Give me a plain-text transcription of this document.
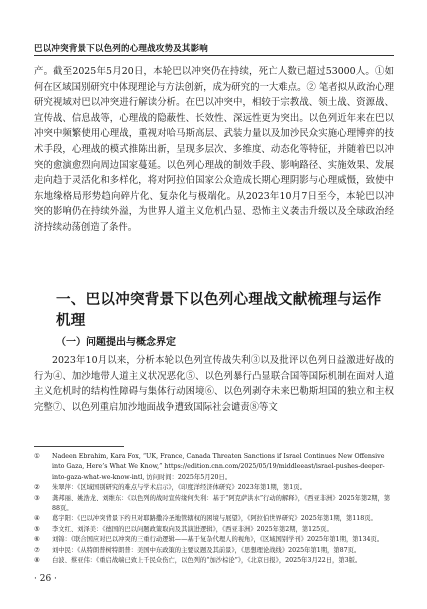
巴以冲突背景下以色列的心理战攻势及其影响
产。截至2025年5月20日，本轮巴以冲突仍在持续，死亡人数已超过53000人。①如何在区域国别研究中体现理论与方法创新，成为研究的一大难点。② 笔者拟从政治心理研究视域对巴以冲突进行解读分析。在巴以冲突中，相较于宗教战、领土战、资源战、宣传战、信息战等，心理战的隐蔽性、长效性、深远性更为突出。以色列近年来在巴以冲突中频繁使用心理战，重视对哈马斯高层、武装力量以及加沙民众实施心理博弈的技术手段，心理战的模式推陈出新，呈现多层次、多维度、动态化等特征，并随着巴以冲突的愈演愈烈向周边国家蔓延。以色列心理战的制效手段、影响路径、实施效果、发展走向趋于灵活化和多样化，将对阿拉伯国家公众造成长期心理阴影与心理威慑，致使中东地缘格局形势趋向碎片化、复杂化与极端化。从2023年10月7日至今，本轮巴以冲突的影响仍在持续外溢，为世界人道主义危机凸显、恐怖主义袭击升级以及全球政治经济持续动荡创造了条件。
一、巴以冲突背景下以色列心理战文献梳理与运作机理
（一）问题提出与概念界定
2023年10月以来，分析本轮以色列宣传战失利③以及批评以色列日益激进好战的行为④、加沙地带人道主义状况恶化⑤、以色列暴行凸显联合国等国际机制在面对人道主义危机时的结构性障碍与集体行动困境⑥、以色列剥夺未来巴勒斯坦国的独立和主权完整⑦、以色列重启加沙地面战争遭致国际社会谴责⑧等文
①	Nadeen Ebrahim, Kara Fox, “UK, France, Canada Threaten Sanctions if Israel Continues New Offensive into Gaza, Here’s What We Know,” https://edition.cnn.com/2025/05/19/middleeast/israel-pushes-deeper-into-gaza-what-we-know-intl, 访问时间：2025年5月20日。
②	朱翠萍：《区域国别研究的难点与学术启示》，《印度洋经济体研究》2023年第1期，第1页。
③	龚邦丽、姚浩龙、刘维东：《以色列的战时宣传缘何失利：基于“阿克萨洪水”行动的解释》，《西亚非洲》2025年第2期，第88页。
④	葛宇阳：《巴以冲突背景下约旦对耶路撒冷圣地管辖权的困境与展望》，《阿拉伯世界研究》2025年第1期，第118页。
⑤	李文红、刘泽美：《德国的巴以问题政策取向及其演进逻辑》，《西亚非洲》2025年第2期，第125页。
⑥	刘锦：《联合国应对巴以冲突的三重行动逻辑——基于复杂代理人的视角》，《区域国别学刊》2025年第1期，第134页。
⑦	刘中民：《从特朗普树特朗普：美国中东政策的主要议题及其前景》，《思想理论战线》2025年第1期，第87页。
⑧	白波、蔡亚伟：《重启战端已致上千民众伤亡，以色列的“加沙棕论”》，《北京日报》，2025年3月22日，第3版。
· 26 ·
